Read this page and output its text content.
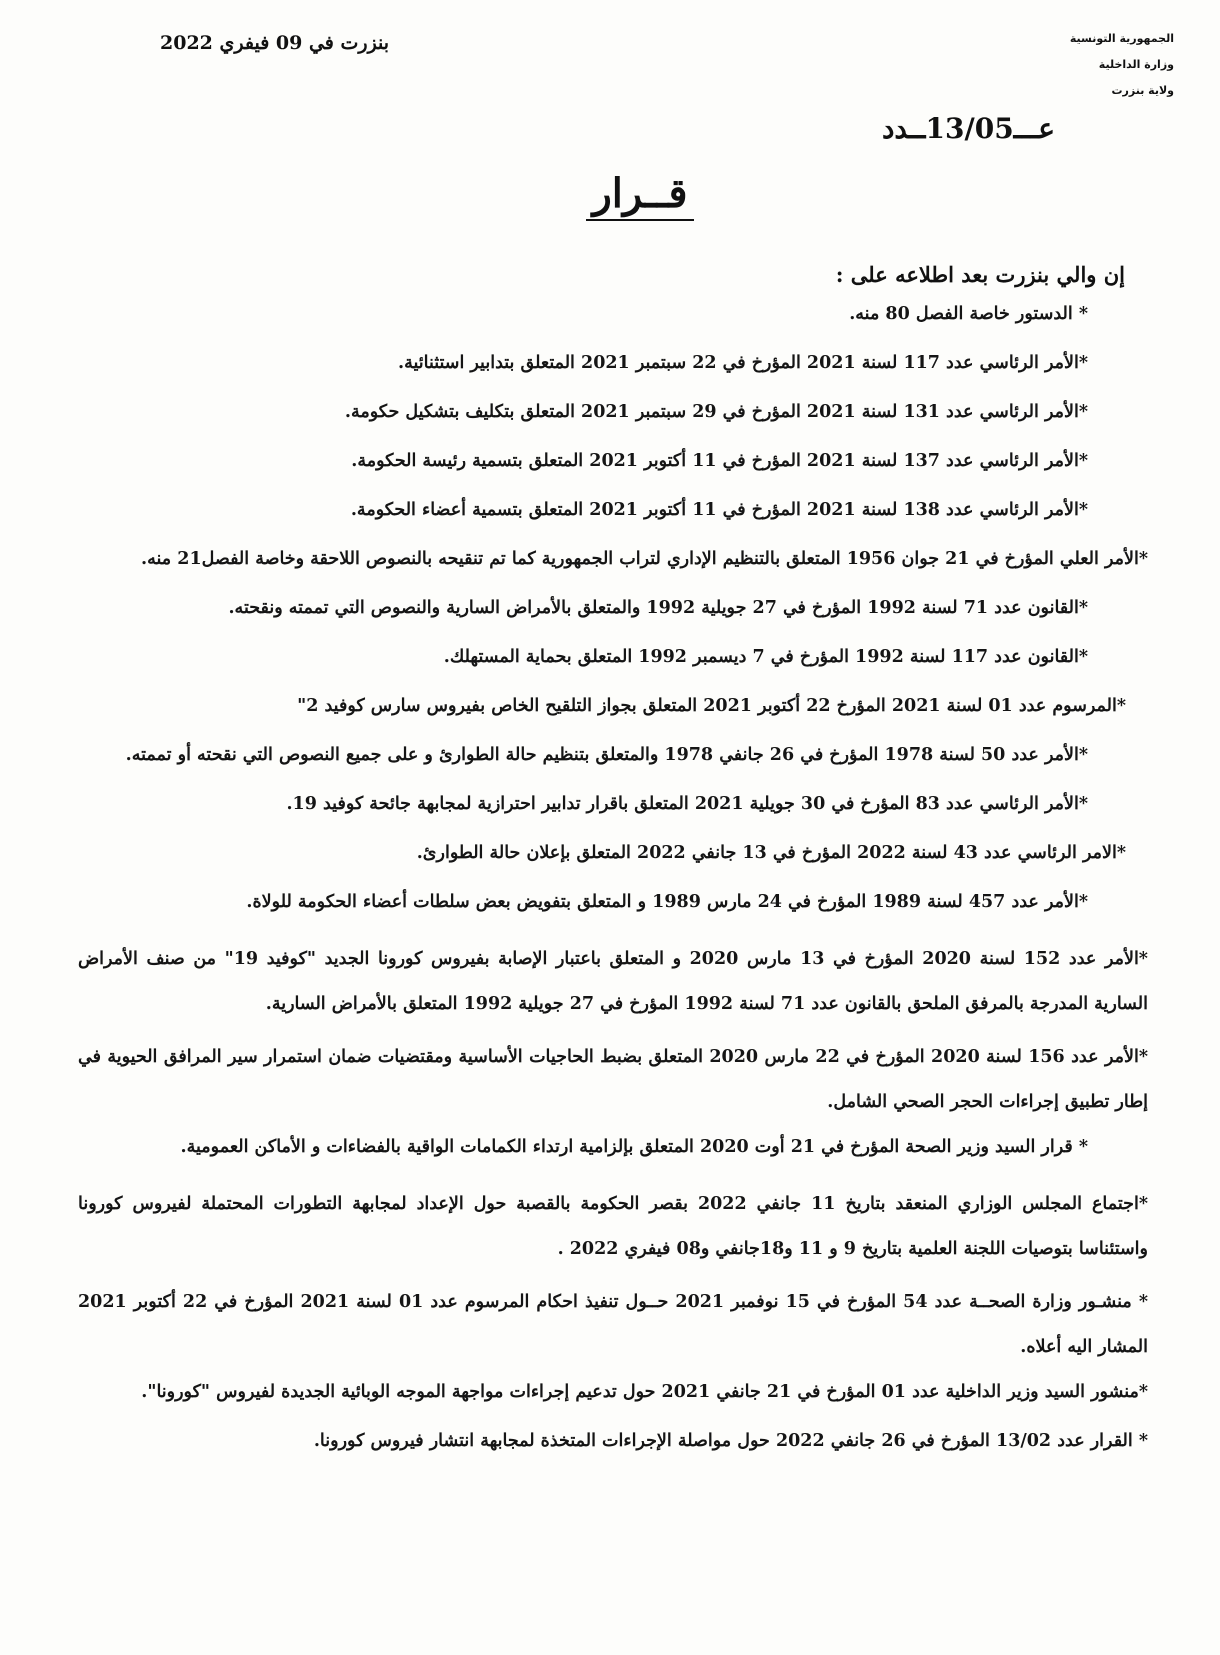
الجمهورية التونسية
وزارة الداخلية
ولاية بنزرت
بنزرت في 09 فيفري 2022
عـــ13/05ــدد
قــرار
إن والي بنزرت بعد اطلاعه على :
* الدستور خاصة الفصل 80 منه.
*الأمر الرئاسي عدد 117 لسنة 2021 المؤرخ في 22 سبتمبر 2021 المتعلق بتدابير استثنائية.
*الأمر الرئاسي عدد 131 لسنة 2021 المؤرخ في 29 سبتمبر 2021 المتعلق بتكليف بتشكيل حكومة.
*الأمر الرئاسي عدد 137 لسنة 2021 المؤرخ في 11 أكتوبر 2021 المتعلق بتسمية رئيسة الحكومة.
*الأمر الرئاسي عدد 138 لسنة 2021 المؤرخ في 11 أكتوبر 2021 المتعلق بتسمية أعضاء الحكومة.
*الأمر العلي المؤرخ في 21 جوان 1956 المتعلق بالتنظيم الإداري لتراب الجمهورية كما تم تنقيحه بالنصوص اللاحقة وخاصة الفصل21 منه.
*القانون عدد 71 لسنة 1992 المؤرخ في 27 جويلية 1992 والمتعلق بالأمراض السارية والنصوص التي تممته ونقحته.
*القانون عدد 117 لسنة 1992 المؤرخ في 7 ديسمبر 1992 المتعلق بحماية المستهلك.
*المرسوم عدد 01 لسنة 2021 المؤرخ 22 أكتوبر 2021 المتعلق بجواز التلقيح الخاص بفيروس سارس كوفيد 2"
*الأمر عدد 50 لسنة 1978 المؤرخ في 26 جانفي 1978 والمتعلق بتنظيم حالة الطوارئ و على جميع النصوص التي نقحته أو تممته.
*الأمر الرئاسي عدد 83 المؤرخ في 30 جويلية 2021 المتعلق باقرار تدابير احترازية لمجابهة جائحة كوفيد 19.
*الامر الرئاسي عدد 43 لسنة 2022 المؤرخ في 13 جانفي 2022 المتعلق بإعلان حالة الطوارئ.
*الأمر عدد 457 لسنة 1989 المؤرخ في 24 مارس 1989 و المتعلق بتفويض بعض سلطات أعضاء الحكومة للولاة.
*الأمر عدد 152 لسنة 2020 المؤرخ في 13 مارس 2020 و المتعلق باعتبار الإصابة بفيروس كورونا الجديد "كوفيد 19" من صنف الأمراض السارية المدرجة بالمرفق الملحق بالقانون عدد 71 لسنة 1992 المؤرخ في 27 جويلية 1992 المتعلق بالأمراض السارية.
*الأمر عدد 156 لسنة 2020 المؤرخ في 22 مارس 2020 المتعلق بضبط الحاجيات الأساسية ومقتضيات ضمان استمرار سير المرافق الحيوية في إطار تطبيق إجراءات الحجر الصحي الشامل.
* قرار السيد وزير الصحة المؤرخ في 21 أوت 2020 المتعلق بإلزامية ارتداء الكمامات الواقية بالفضاءات و الأماكن العمومية.
*اجتماع المجلس الوزاري المنعقد بتاريخ 11 جانفي 2022 بقصر الحكومة بالقصبة حول الإعداد لمجابهة التطورات المحتملة لفيروس كورونا واستئناسا بتوصيات اللجنة العلمية بتاريخ 9 و 11 و18جانفي و08 فيفري 2022 .
* منشـور وزارة الصحــة عدد 54 المؤرخ في 15 نوفمبر 2021 حــول تنفيذ احكام المرسوم عدد 01 لسنة 2021 المؤرخ في 22 أكتوبر 2021 المشار اليه أعلاه.
*منشور السيد وزير الداخلية عدد 01 المؤرخ في 21 جانفي 2021 حول تدعيم إجراءات مواجهة الموجه الوبائية الجديدة لفيروس "كورونا".
* القرار عدد 13/02 المؤرخ في 26 جانفي 2022 حول مواصلة الإجراءات المتخذة لمجابهة انتشار فيروس كورونا.
